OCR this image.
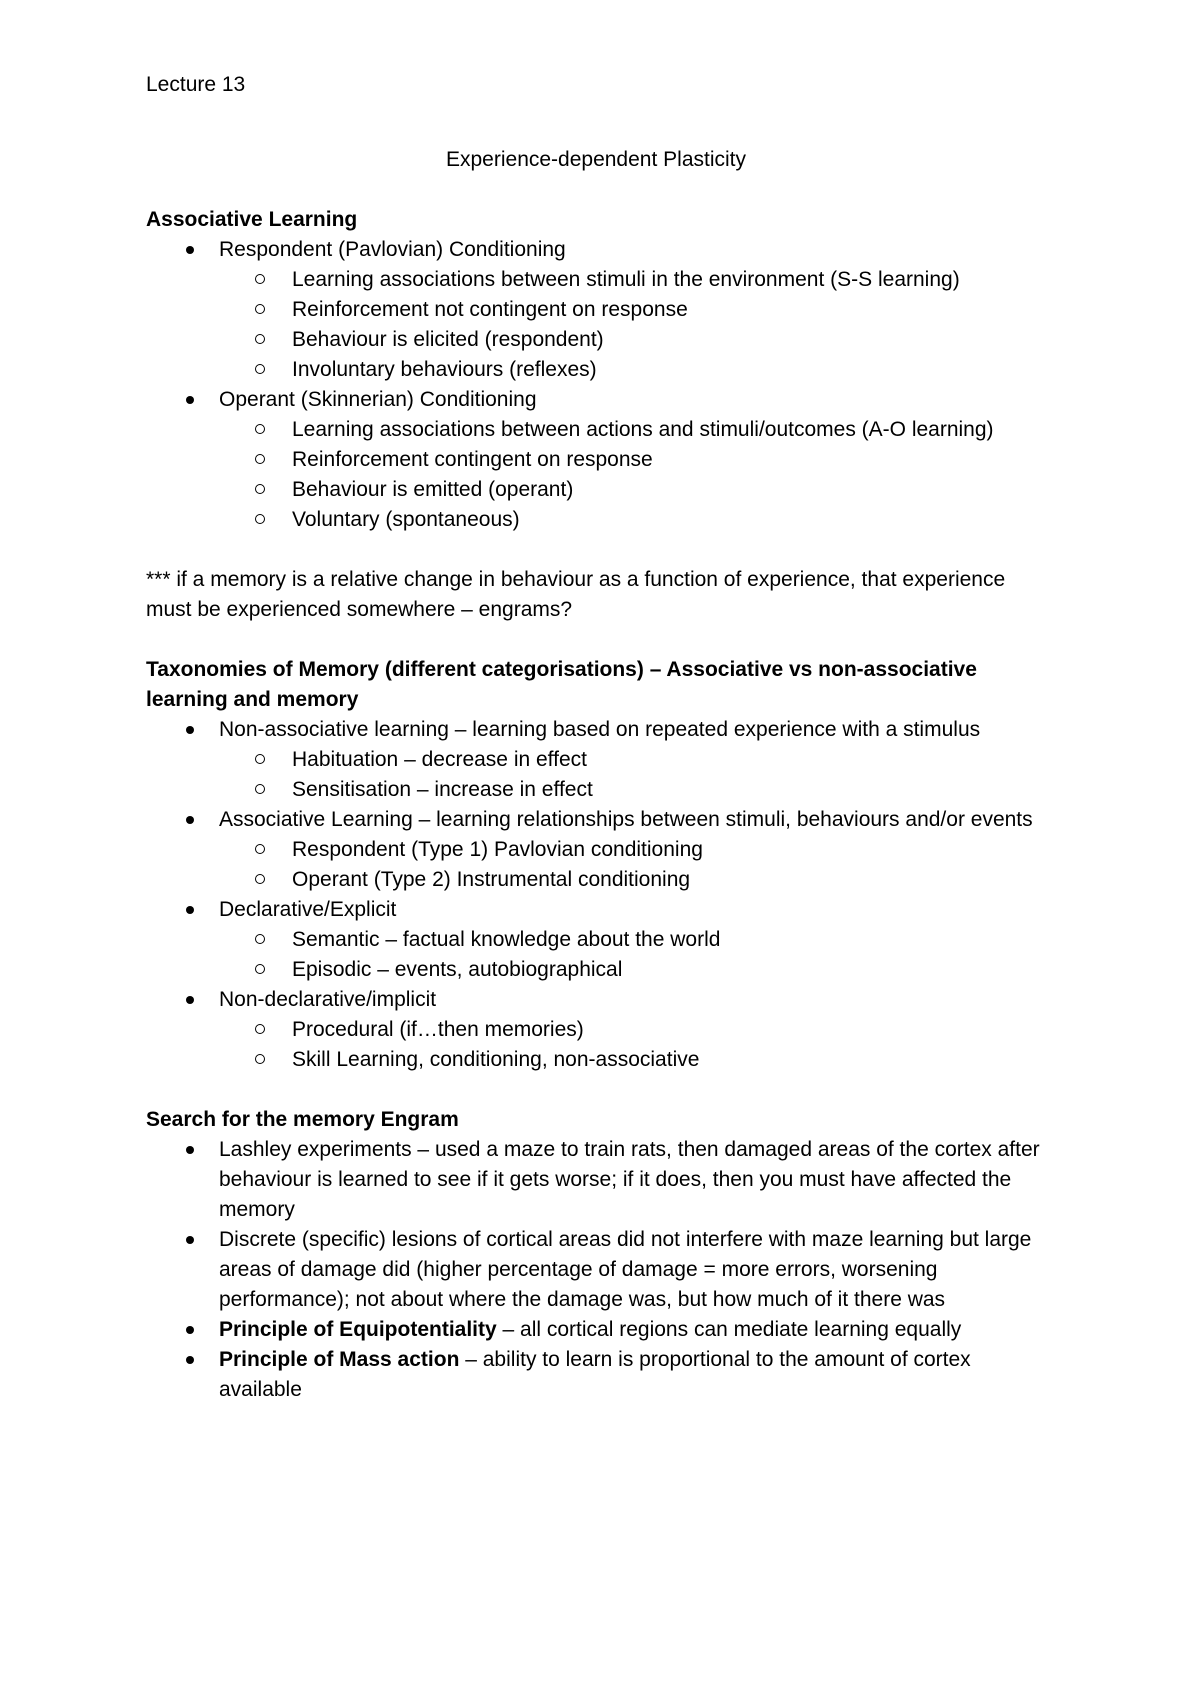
Lecture 13

Experience-dependent Plasticity

Associative Learning

Respondent (Pavlovian) Conditioning
Learning associations between stimuli in the environment (S-S learning)
Reinforcement not contingent on response
Behaviour is elicited (respondent)
Involuntary behaviours (reflexes)
Operant (Skinnerian) Conditioning
Learning associations between actions and stimuli/outcomes (A-O learning)
Reinforcement contingent on response
Behaviour is emitted (operant)
Voluntary (spontaneous)

*** if a memory is a relative change in behaviour as a function of experience, that experience must be experienced somewhere – engrams?

Taxonomies of Memory (different categorisations) – Associative vs non-associative learning and memory

Non-associative learning – learning based on repeated experience with a stimulus
Habituation – decrease in effect
Sensitisation – increase in effect
Associative Learning – learning relationships between stimuli, behaviours and/or events
Respondent (Type 1) Pavlovian conditioning
Operant (Type 2) Instrumental conditioning
Declarative/Explicit
Semantic – factual knowledge about the world
Episodic – events, autobiographical
Non-declarative/implicit
Procedural (if…then memories)
Skill Learning, conditioning, non-associative

Search for the memory Engram

Lashley experiments – used a maze to train rats, then damaged areas of the cortex after behaviour is learned to see if it gets worse; if it does, then you must have affected the memory
Discrete (specific) lesions of cortical areas did not interfere with maze learning but large areas of damage did (higher percentage of damage = more errors, worsening performance); not about where the damage was, but how much of it there was
Principle of Equipotentiality – all cortical regions can mediate learning equally
Principle of Mass action – ability to learn is proportional to the amount of cortex available
